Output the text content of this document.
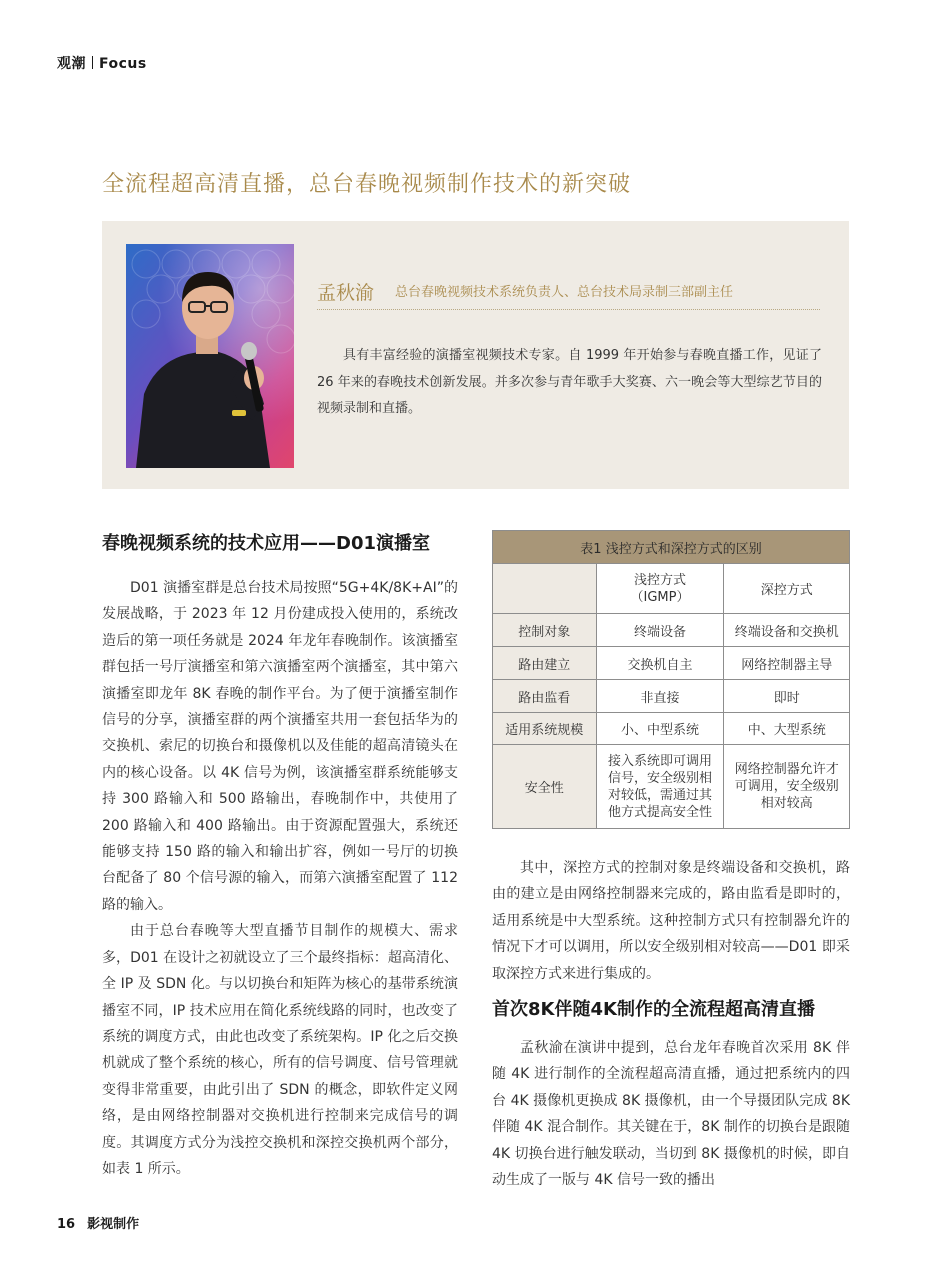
观潮 Focus
全流程超高清直播，总台春晚视频制作技术的新突破
孟秋渝 总台春晚视频技术系统负责人、总台技术局录制三部副主任
具有丰富经验的演播室视频技术专家。自 1999 年开始参与春晚直播工作，见证了 26 年来的春晚技术创新发展。并多次参与青年歌手大奖赛、六一晚会等大型综艺节目的视频录制和直播。
春晚视频系统的技术应用——D01演播室

D01 演播室群是总台技术局按照“5G+4K/8K+AI”的发展战略，于 2023 年 12 月份建成投入使用的，系统改造后的第一项任务就是 2024 年龙年春晚制作。该演播室群包括一号厅演播室和第六演播室两个演播室，其中第六演播室即龙年 8K 春晚的制作平台。为了便于演播室制作信号的分享，演播室群的两个演播室共用一套包括华为的交换机、索尼的切换台和摄像机以及佳能的超高清镜头在内的核心设备。以 4K 信号为例，该演播室群系统能够支持 300 路输入和 500 路输出，春晚制作中，共使用了 200 路输入和 400 路输出。由于资源配置强大，系统还能够支持 150 路的输入和输出扩容，例如一号厅的切换台配备了 80 个信号源的输入，而第六演播室配置了 112 路的输入。

由于总台春晚等大型直播节目制作的规模大、需求多，D01 在设计之初就设立了三个最终指标：超高清化、全 IP 及 SDN 化。与以切换台和矩阵为核心的基带系统演播室不同，IP 技术应用在简化系统线路的同时，也改变了系统的调度方式，由此也改变了系统架构。IP 化之后交换机就成了整个系统的核心，所有的信号调度、信号管理就变得非常重要，由此引出了 SDN 的概念，即软件定义网络，是由网络控制器对交换机进行控制来完成信号的调度。其调度方式分为浅控交换机和深控交换机两个部分，如表 1 所示。

表1 浅控方式和深控方式的区别		
	浅控方式（IGMP）	深控方式
控制对象	终端设备	终端设备和交换机
路由建立	交换机自主	网络控制器主导
路由监看	非直接	即时
适用系统规模	小、中型系统	中、大型系统
安全性	接入系统即可调用信号，安全级别相对较低，需通过其他方式提高安全性	网络控制器允许才可调用，安全级别相对较高

其中，深控方式的控制对象是终端设备和交换机，路由的建立是由网络控制器来完成的，路由监看是即时的，适用系统是中大型系统。这种控制方式只有控制器允许的情况下才可以调用，所以安全级别相对较高——D01 即采取深控方式来进行集成的。

首次8K伴随4K制作的全流程超高清直播

孟秋渝在演讲中提到，总台龙年春晚首次采用 8K 伴随 4K 进行制作的全流程超高清直播，通过把系统内的四台 4K 摄像机更换成 8K 摄像机，由一个导摄团队完成 8K 伴随 4K 混合制作。其关键在于，8K 制作的切换台是跟随 4K 切换台进行触发联动，当切到 8K 摄像机的时候，即自动生成了一版与 4K 信号一致的播出

16 影视制作
